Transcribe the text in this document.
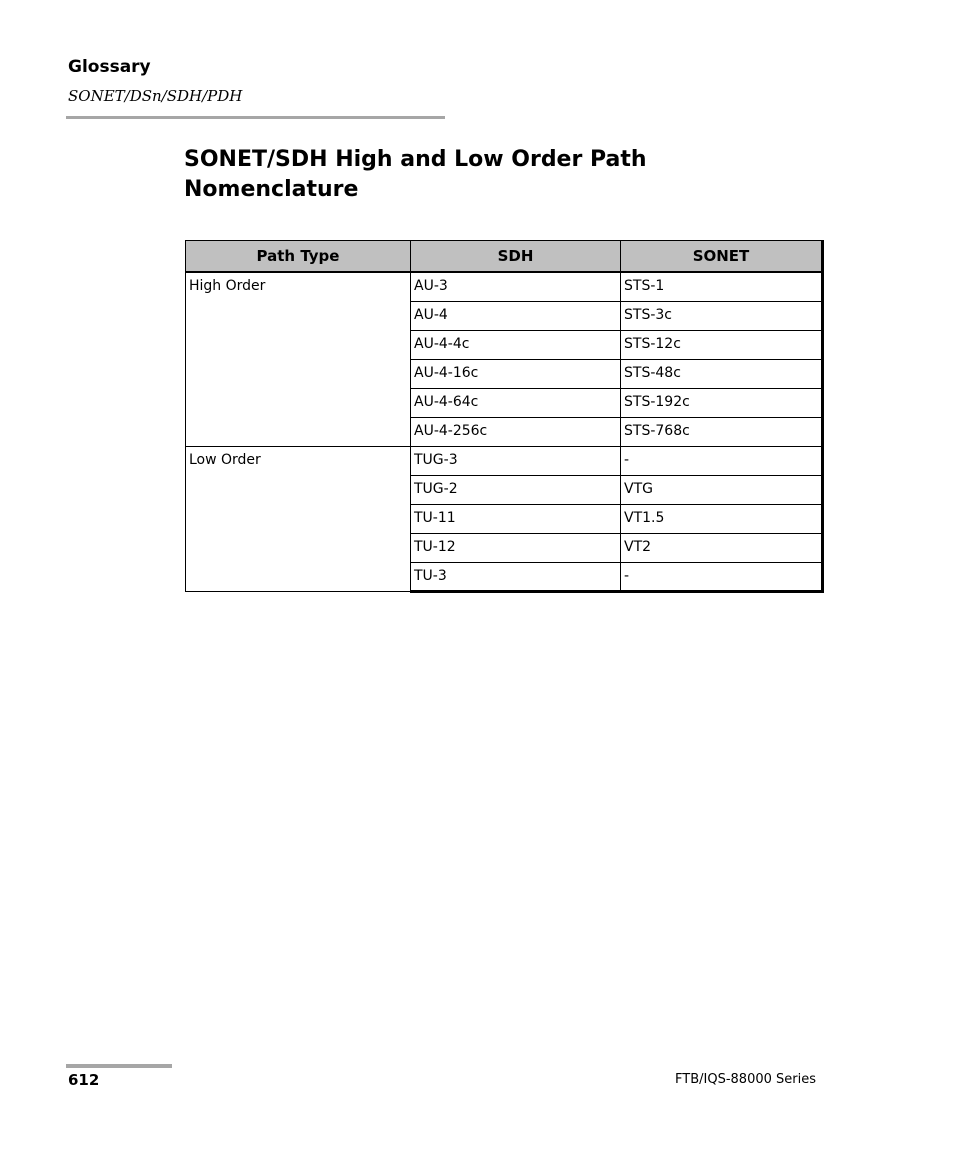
Glossary
SONET/DSn/SDH/PDH
SONET/SDH High and Low Order Path Nomenclature
Path Type	SDH	SONET
High Order	AU-3	STS-1
	AU-4	STS-3c
	AU-4-4c	STS-12c
	AU-4-16c	STS-48c
	AU-4-64c	STS-192c
	AU-4-256c	STS-768c
Low Order	TUG-3	-
	TUG-2	VTG
	TU-11	VT1.5
	TU-12	VT2
	TU-3	-
612	FTB/IQS-88000 Series
